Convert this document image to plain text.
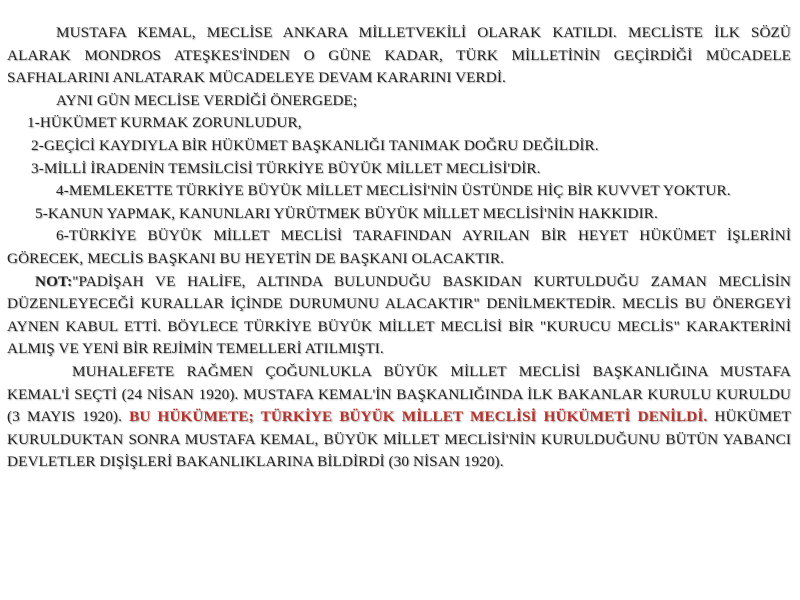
MUSTAFA KEMAL, MECLİSE ANKARA MİLLETVEKİLİ OLARAK KATILDI. MECLİSTE İLK SÖZÜ ALARAK MONDROS ATEŞKES'İNDEN O GÜNE KADAR, TÜRK MİLLETİNİN GEÇİRDİĞİ MÜCADELE SAFHALARINI ANLATARAK MÜCADELEYE DEVAM KARARINI VERDİ.

AYNI GÜN MECLİSE VERDİĞİ ÖNERGEDE;

1-HÜKÜMET KURMAK ZORUNLUDUR,

2-GEÇİCİ KAYDIYLA BİR HÜKÜMET BAŞKANLIĞI TANIMAK DOĞRU DEĞİLDİR.

3-MİLLİ İRADENİN TEMSİLCİSİ TÜRKİYE BÜYÜK MİLLET MECLİSİ'DİR.

4-MEMLEKETTE TÜRKİYE BÜYÜK MİLLET MECLİSİ'NİN ÜSTÜNDE HİÇ BİR KUVVET YOKTUR.

5-KANUN YAPMAK, KANUNLARI YÜRÜTMEK BÜYÜK MİLLET MECLİSİ'NİN HAKKIDIR.

6-TÜRKİYE BÜYÜK MİLLET MECLİSİ TARAFINDAN AYRILAN BİR HEYET HÜKÜMET İŞLERİNİ GÖRECEK, MECLİS BAŞKANI BU HEYETİN DE BAŞKANI OLACAKTIR.

NOT:"PADİŞAH VE HALİFE, ALTINDA BULUNDUĞU BASKIDAN KURTULDUĞU ZAMAN MECLİSİN DÜZENLEYECEĞİ KURALLAR İÇİNDE DURUMUNU ALACAKTIR" DENİLMEKTEDİR. MECLİS BU ÖNERGEYİ AYNEN KABUL ETTİ. BÖYLECE TÜRKİYE BÜYÜK MİLLET MECLİSİ BİR "KURUCU MECLİS" KARAKTERİNİ ALMIŞ VE YENİ BİR REJİMİN TEMELLERİ ATILMIŞTI.

MUHALEFETE RAĞMEN ÇOĞUNLUKLA BÜYÜK MİLLET MECLİSİ BAŞKANLIĞINA MUSTAFA KEMAL'İ SEÇTİ (24 NİSAN 1920). MUSTAFA KEMAL'İN BAŞKANLIĞINDA İLK BAKANLAR KURULU KURULDU (3 MAYIS 1920). BU HÜKÜMETE; TÜRKİYE BÜYÜK MİLLET MECLİSİ HÜKÜMETİ DENİLDİ. HÜKÜMET KURULDUKTAN SONRA MUSTAFA KEMAL, BÜYÜK MİLLET MECLİSİ'NİN KURULDUĞUNU BÜTÜN YABANCI DEVLETLER DIŞİŞLERİ BAKANLIKLARINA BİLDİRDİ (30 NİSAN 1920).
